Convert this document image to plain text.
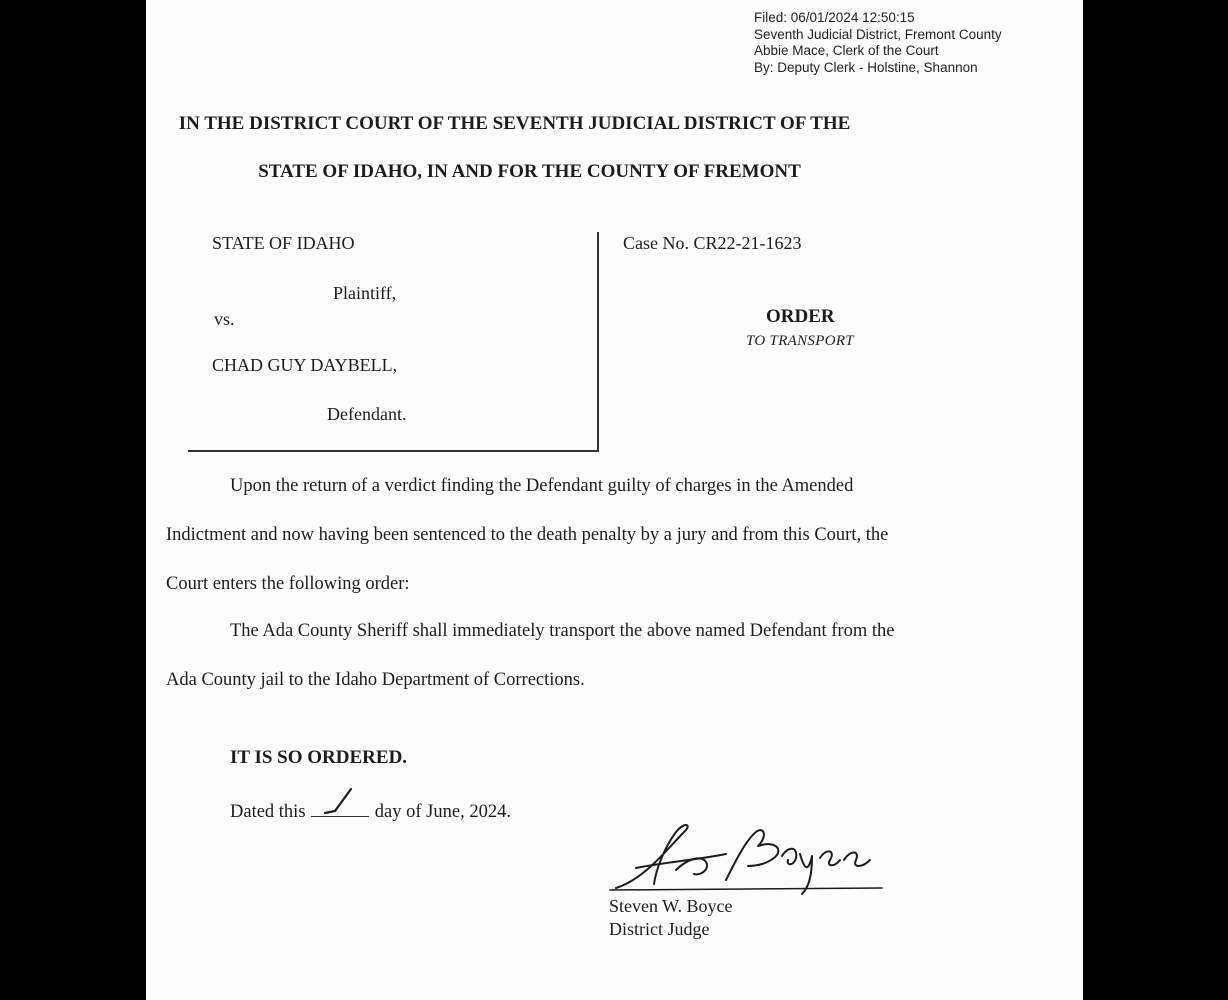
Filed: 06/01/2024 12:50:15
Seventh Judicial District, Fremont County
Abbie Mace, Clerk of the Court
By: Deputy Clerk - Holstine, Shannon
IN THE DISTRICT COURT OF THE SEVENTH JUDICIAL DISTRICT OF THE
STATE OF IDAHO, IN AND FOR THE COUNTY OF FREMONT
STATE OF IDAHO
Plaintiff,
vs.
CHAD GUY DAYBELL,
Defendant.
Case No. CR22-21-1623
ORDER
TO TRANSPORT
Upon the return of a verdict finding the Defendant guilty of charges in the Amended
Indictment and now having been sentenced to the death penalty by a jury and from this Court, the
Court enters the following order:
The Ada County Sheriff shall immediately transport the above named Defendant from the
Ada County jail to the Idaho Department of Corrections.
IT IS SO ORDERED.
Dated this	day of June, 2024.
Steven W. Boyce
District Judge
